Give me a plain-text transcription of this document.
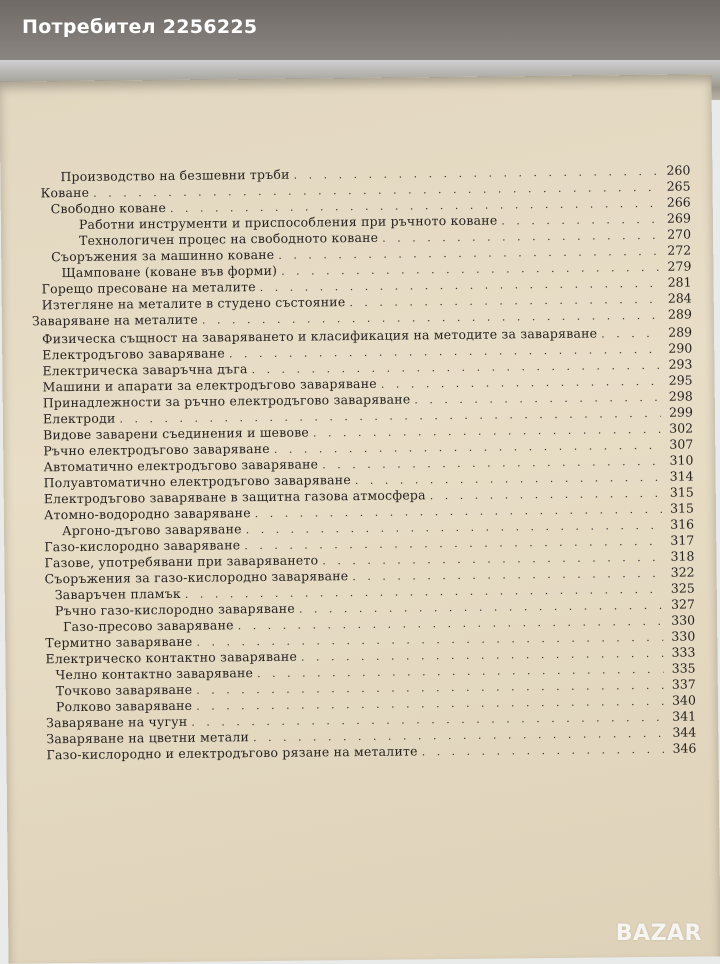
Потребител 2256225
Производство на безшевни тръби . . .	260
Коване . . .	265
Свободно коване . . .	266
Работни инструменти и приспособления при ръчното коване . . .	269
Технологичен процес на свободното коване . . .	270
Съоръжения за машинно коване . . .	272
Щамповане (коване във форми) . . .	279
Горещо пресоване на металите . . .	281
Изтегляне на металите в студено състояние . . .	284
Заваряване на металите . . .	289
Физическа същност на заваряването и класификация на методите за заваряване . . .	289
Електродъгово заваряване . . .	290
Електрическа заваръчна дъга . . .	293
Машини и апарати за електродъгово заваряване . . .	295
Принадлежности за ръчно електродъгово заваряване . . .	298
Електроди . . .	299
Видове заварени съединения и шевове . . .	302
Ръчно електродъгово заваряване . . .	307
Автоматично електродъгово заваряване . . .	310
Полуавтоматично електродъгово заваряване . . .	314
Електродъгово заваряване в защитна газова атмосфера . . .	315
Атомно-водородно заваряване . . .	315
Аргоно-дъгово заваряване . . .	316
Газо-кислородно заваряване . . .	317
Газове, употребявани при заваряването . . .	318
Съоръжения за газо-кислородно заваряване . . .	322
Заваръчен пламък . . .	325
Ръчно газо-кислородно заваряване . . .	327
Газо-пресово заваряване . . .	330
Термитно заваряване . . .	330
Електрическо контактно заваряване . . .	333
Челно контактно заваряване . . .	335
Точково заваряване . . .	337
Ролково заваряване . . .	340
Заваряване на чугун . . .	341
Заваряване на цветни метали . . .	344
Газо-кислородно и електродъгово рязане на металите . . .	346
BAZAR
